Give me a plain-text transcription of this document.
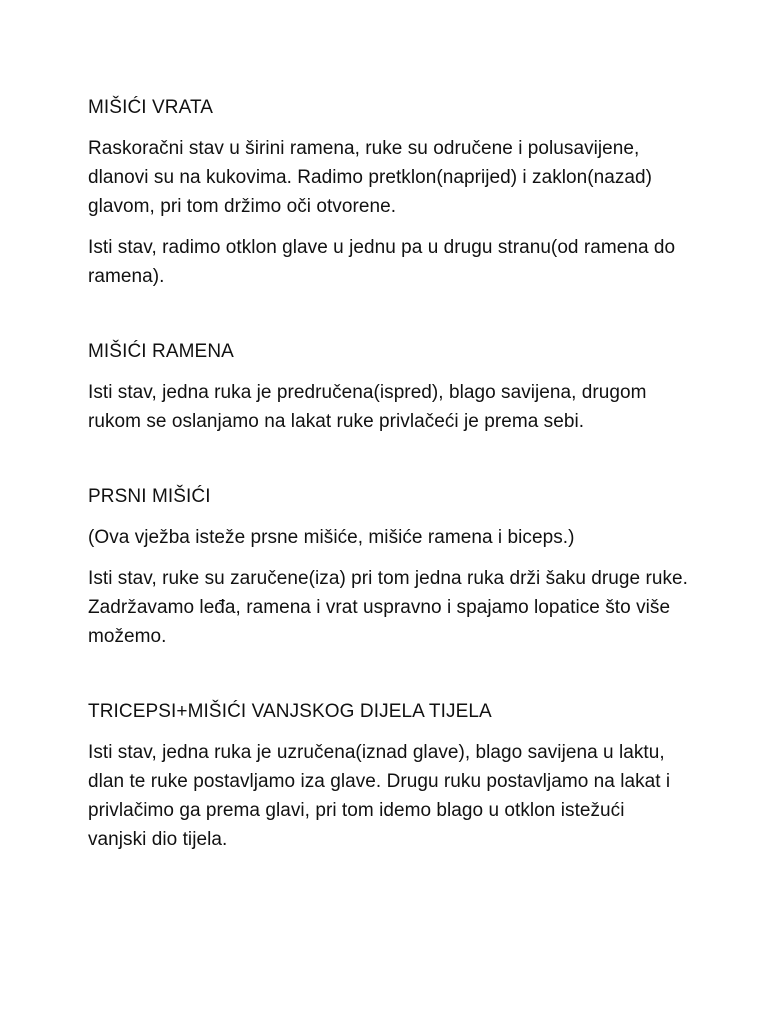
MIŠIĆI VRATA

Raskoračni stav u širini ramena, ruke su odručene i polusavijene, dlanovi su na kukovima. Radimo pretklon(naprijed) i zaklon(nazad) glavom, pri tom držimo oči otvorene.

Isti stav, radimo otklon glave u jednu pa u drugu stranu(od ramena do ramena).

MIŠIĆI RAMENA

Isti stav, jedna ruka je predručena(ispred), blago savijena, drugom rukom se oslanjamo na lakat ruke privlačeći je prema sebi.

PRSNI MIŠIĆI

(Ova vježba isteže prsne mišiće, mišiće ramena i biceps.)

Isti stav, ruke su zaručene(iza) pri tom jedna ruka drži šaku druge ruke. Zadržavamo leđa, ramena i vrat uspravno i spajamo lopatice što više možemo.

TRICEPSI+MIŠIĆI VANJSKOG DIJELA TIJELA

Isti stav, jedna ruka je uzručena(iznad glave), blago savijena u laktu, dlan te ruke postavljamo iza glave. Drugu ruku postavljamo na lakat i privlačimo ga prema glavi, pri tom idemo blago u otklon istežući vanjski dio tijela.
